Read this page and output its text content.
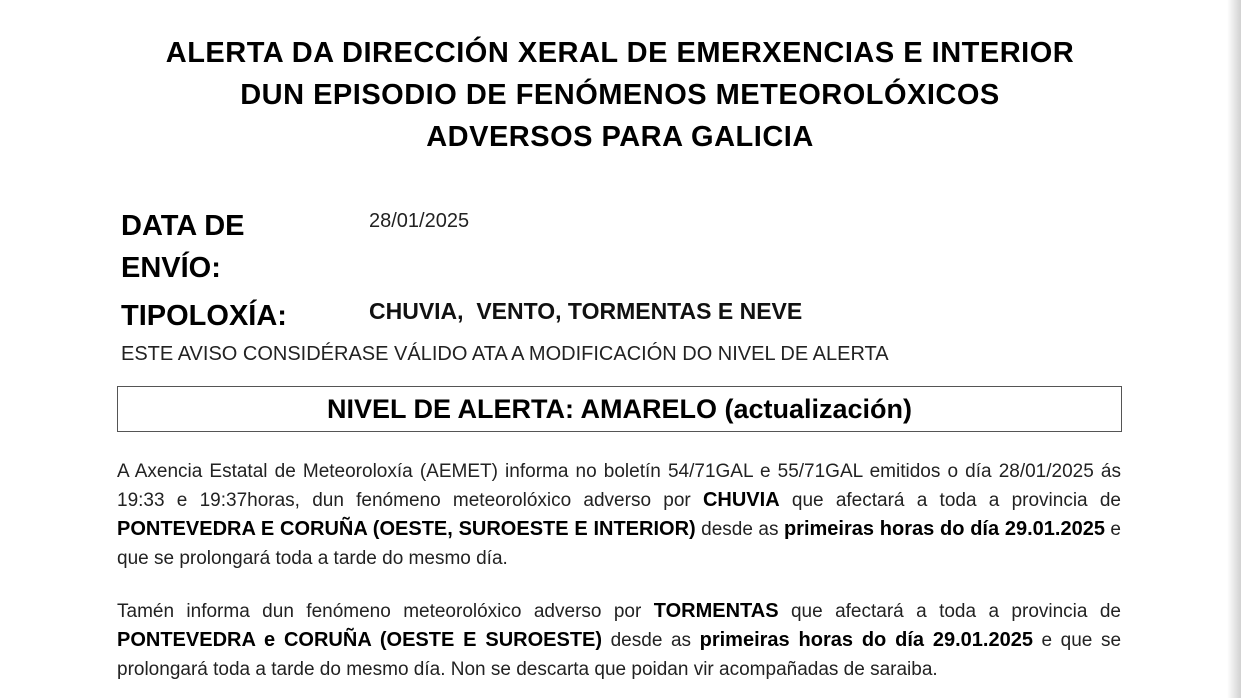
ALERTA DA DIRECCIÓN XERAL DE EMERXENCIAS E INTERIOR
DUN EPISODIO DE FENÓMENOS METEOROLÓXICOS
ADVERSOS PARA GALICIA
DATA DE
ENVÍO:
28/01/2025
TIPOLOXÍA:	CHUVIA,  VENTO, TORMENTAS E NEVE
ESTE AVISO CONSIDÉRASE VÁLIDO ATA A MODIFICACIÓN DO NIVEL DE ALERTA
NIVEL DE ALERTA: AMARELO (actualización)
A Axencia Estatal de Meteoroloxía (AEMET) informa no boletín 54/71GAL e 55/71GAL emitidos o día 28/01/2025 ás 19:33 e 19:37horas, dun fenómeno meteorolóxico adverso por CHUVIA que afectará a toda a provincia de PONTEVEDRA E CORUÑA (OESTE, SUROESTE E INTERIOR) desde as primeiras horas do día 29.01.2025 e que se prolongará toda a tarde do mesmo día.
Tamén informa dun fenómeno meteorolóxico adverso por TORMENTAS que afectará a toda a provincia de PONTEVEDRA e CORUÑA (OESTE E SUROESTE) desde as primeiras horas do día 29.01.2025 e que se prolongará toda a tarde do mesmo día. Non se descarta que poidan vir acompañadas de saraiba.
